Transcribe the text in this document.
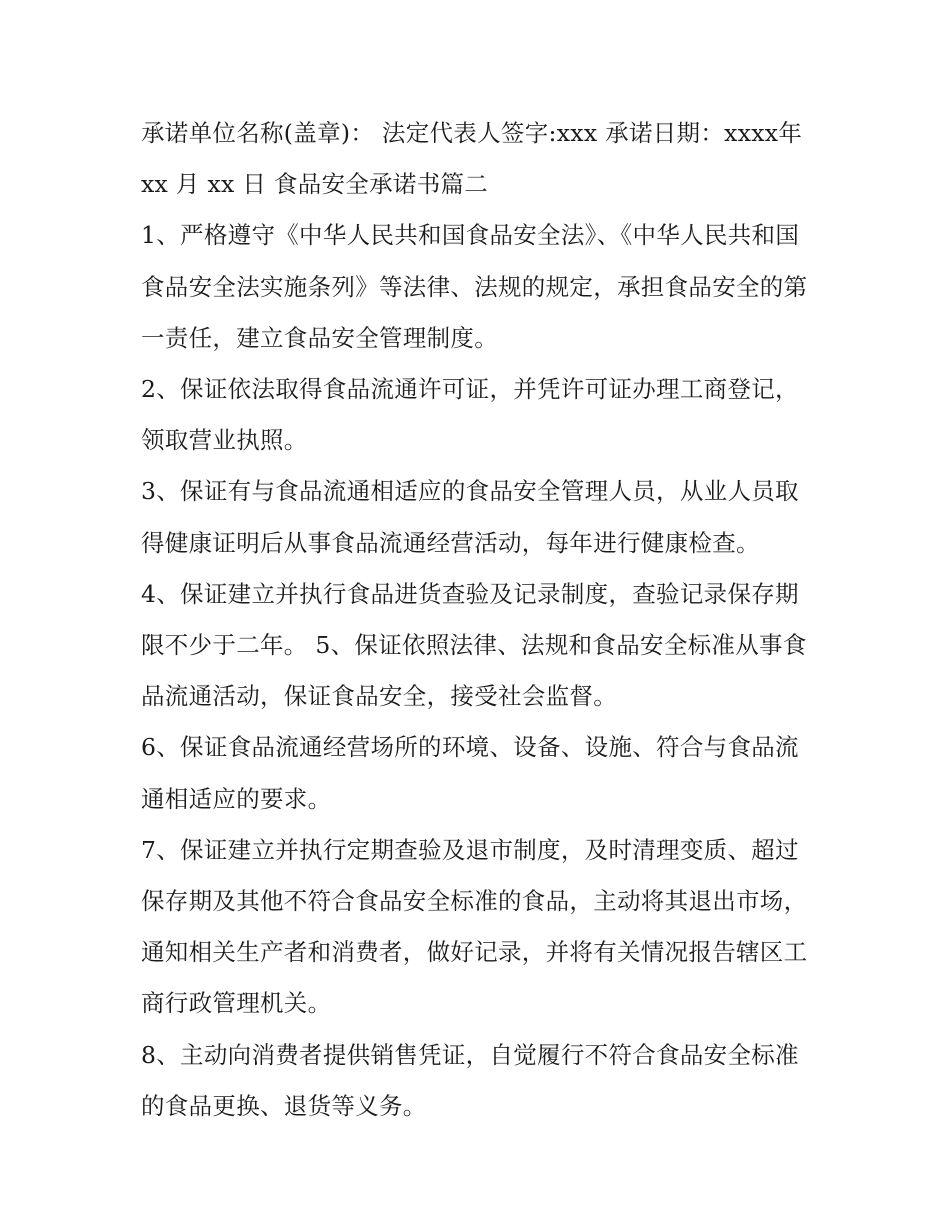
承诺单位名称(盖章)： 法定代表人签字:xxx 承诺日期：xxxx年 xx 月 xx 日 食品安全承诺书篇二

1、严格遵守《中华人民共和国食品安全法》、《中华人民共和国食品安全法实施条列》等法律、法规的规定，承担食品安全的第一责任，建立食品安全管理制度。

2、保证依法取得食品流通许可证，并凭许可证办理工商登记，领取营业执照。

3、保证有与食品流通相适应的食品安全管理人员，从业人员取得健康证明后从事食品流通经营活动，每年进行健康检查。

4、保证建立并执行食品进货查验及记录制度，查验记录保存期限不少于二年。 5、保证依照法律、法规和食品安全标准从事食品流通活动，保证食品安全，接受社会监督。

6、保证食品流通经营场所的环境、设备、设施、符合与食品流通相适应的要求。

7、保证建立并执行定期查验及退市制度，及时清理变质、超过保存期及其他不符合食品安全标准的食品，主动将其退出市场，通知相关生产者和消费者，做好记录，并将有关情况报告辖区工商行政管理机关。

8、主动向消费者提供销售凭证，自觉履行不符合食品安全标准的食品更换、退货等义务。
